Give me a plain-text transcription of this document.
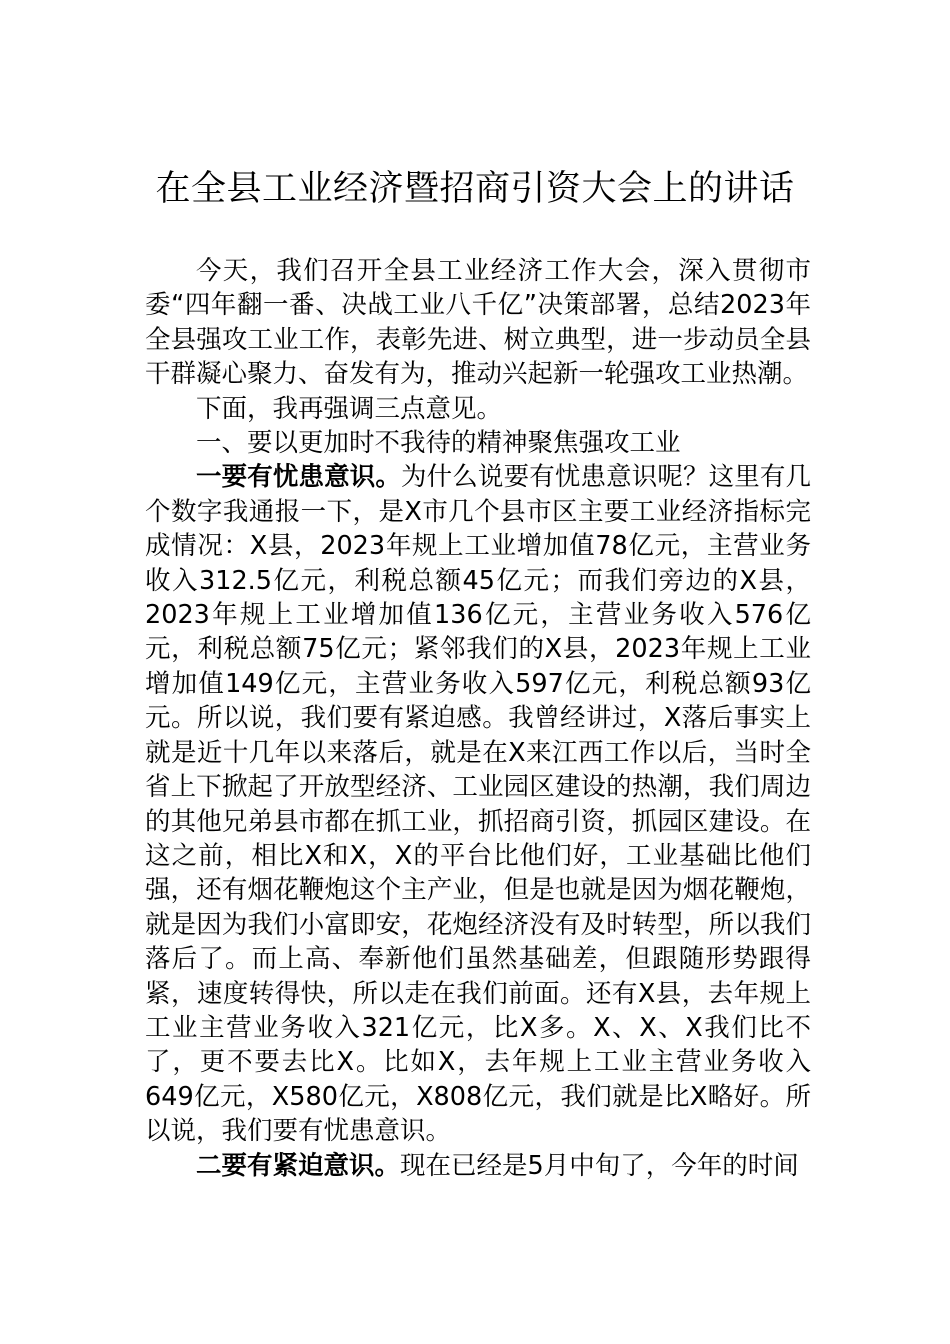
在全县工业经济暨招商引资大会上的讲话

今天，我们召开全县工业经济工作大会，深入贯彻市委“四年翻一番、决战工业八千亿”决策部署，总结2023年全县强攻工业工作，表彰先进、树立典型，进一步动员全县干群凝心聚力、奋发有为，推动兴起新一轮强攻工业热潮。

下面，我再强调三点意见。

一、要以更加时不我待的精神聚焦强攻工业

一要有忧患意识。为什么说要有忧患意识呢？这里有几个数字我通报一下，是X市几个县市区主要工业经济指标完成情况：X县，2023年规上工业增加值78亿元，主营业务收入312.5亿元，利税总额45亿元；而我们旁边的X县，2023年规上工业增加值136亿元，主营业务收入576亿元，利税总额75亿元；紧邻我们的X县，2023年规上工业增加值149亿元，主营业务收入597亿元，利税总额93亿元。所以说，我们要有紧迫感。我曾经讲过，X落后事实上就是近十几年以来落后，就是在X来江西工作以后，当时全省上下掀起了开放型经济、工业园区建设的热潮，我们周边的其他兄弟县市都在抓工业，抓招商引资，抓园区建设。在这之前，相比X和X，X的平台比他们好，工业基础比他们强，还有烟花鞭炮这个主产业，但是也就是因为烟花鞭炮，就是因为我们小富即安，花炮经济没有及时转型，所以我们落后了。而上高、奉新他们虽然基础差，但跟随形势跟得紧，速度转得快，所以走在我们前面。还有X县，去年规上工业主营业务收入321亿元，比X多。X、X、X我们比不了，更不要去比X。比如X，去年规上工业主营业务收入649亿元，X580亿元，X808亿元，我们就是比X略好。所以说，我们要有忧患意识。

二要有紧迫意识。现在已经是5月中旬了，今年的时间
